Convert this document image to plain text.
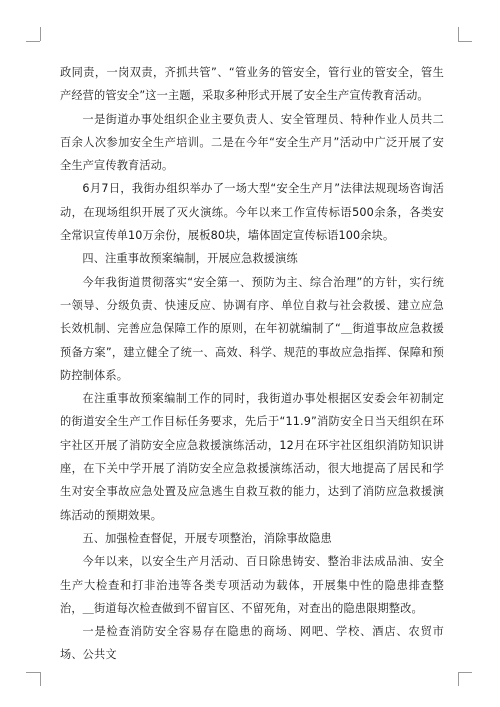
政同责，一岗双责，齐抓共管”、“管业务的管安全，管行业的管安全，管生产经营的管安全”这一主题，采取多种形式开展了安全生产宣传教育活动。

一是街道办事处组织企业主要负责人、安全管理员、特种作业人员共二百余人次参加安全生产培训。二是在今年“安全生产月”活动中广泛开展了安全生产宣传教育活动。

6月7日，我街办组织举办了一场大型“安全生产月”法律法规现场咨询活动，在现场组织开展了灭火演练。今年以来工作宣传标语500余条，各类安全常识宣传单10万余份，展板80块，墙体固定宣传标语100余块。

四、注重事故预案编制，开展应急救援演练

今年我街道贯彻落实“安全第一、预防为主、综合治理”的方针，实行统一领导、分级负责、快速反应、协调有序、单位自救与社会救援、建立应急长效机制、完善应急保障工作的原则，在年初就编制了“＿街道事故应急救援预备方案”，建立健全了统一、高效、科学、规范的事故应急指挥、保障和预防控制体系。

在注重事故预案编制工作的同时，我街道办事处根据区安委会年初制定的街道安全生产工作目标任务要求，先后于“11.9”消防安全日当天组织在环宇社区开展了消防安全应急救援演练活动，12月在环宇社区组织消防知识讲座，在下关中学开展了消防安全应急救援演练活动，很大地提高了居民和学生对安全事故应急处置及应急逃生自救互救的能力，达到了消防应急救援演练活动的预期效果。

五、加强检查督促，开展专项整治，消除事故隐患

今年以来，以安全生产月活动、百日除患铸安、整治非法成品油、安全生产大检查和打非治违等各类专项活动为载体，开展集中性的隐患排查整治，＿街道每次检查做到不留盲区、不留死角，对查出的隐患限期整改。

一是检查消防安全容易存在隐患的商场、网吧、学校、酒店、农贸市场、公共文
